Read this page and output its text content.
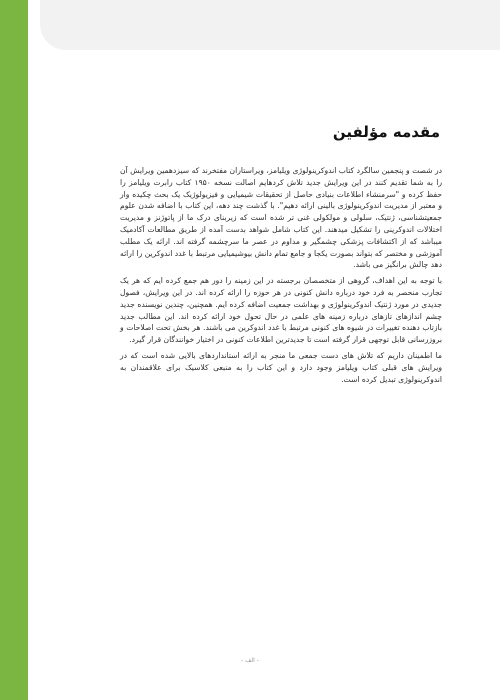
مقدمه مؤلفین

در شصت و پنجمین سالگرد کتاب اندوکرینولوژی ویلیامز، ویراستاران مفتخرند که سیزدهمین ویرایش آن را به شما تقدیم کنند در این ویرایش جدید تلاش کردهایم اصالت نسخه ۱۹۵۰ کتاب رابرت ویلیامز را حفظ کرده و "سرمنشاء اطلاعات بنیادی حاصل از تحقیقات شیمیایی و فیزیولوژیک یک بحث چکیده وار و معتبر از مدیریت اندوکرینولوژی بالینی ارائه دهیم". با گذشت چند دهه، این کتاب با اضافه شدن علوم جمعیتشناسی، ژنتیک، سلولی و مولکولی غنی تر شده است که زیربنای درک ما از پاتوژنز و مدیریت اختلالات اندوکرینی را تشکیل میدهند. این کتاب شامل شواهد بدست آمده از طریق مطالعات آکادمیک میباشد که از اکتشافات پزشکی چشمگیر و مداوم در عصر ما سرچشمه گرفته اند. ارائه یک مطلب آموزشی و مختصر که بتواند بصورت یکجا و جامع تمام دانش بیوشیمیایی مرتبط با غدد اندوکرین را ارائه دهد چالش برانگیز می باشد.

با توجه به این اهداف، گروهی از متخصصان برجسته در این زمینه را دور هم جمع کرده ایم که هر یک تجارب منحصر به فرد خود درباره دانش کنونی در هر حوزه را ارائه کرده اند. در این ویرایش، فصول جدیدی در مورد ژنتیک اندوکرینولوژی و بهداشت جمعیت اضافه کرده ایم. همچنین، چندین نویسنده جدید چشم اندازهای تازهای درباره زمینه های علمی در حال تحول خود ارائه کرده اند. این مطالب جدید بازتاب دهنده تغییرات در شیوه های کنونی مرتبط با غدد اندوکرین می باشند. هر بخش تحت اصلاحات و بروزرسانی قابل توجهی قرار گرفته است تا جدیدترین اطلاعات کنونی در اختیار خوانندگان قرار گیرد.

ما اطمینان داریم که تلاش های دست جمعی ما منجر به ارائه استانداردهای بالایی شده است که در ویرایش های قبلی کتاب ویلیامز وجود دارد و این کتاب را به منبعی کلاسیک برای علاقمندان به اندوکرینولوژی تبدیل کرده است.

- الف -
